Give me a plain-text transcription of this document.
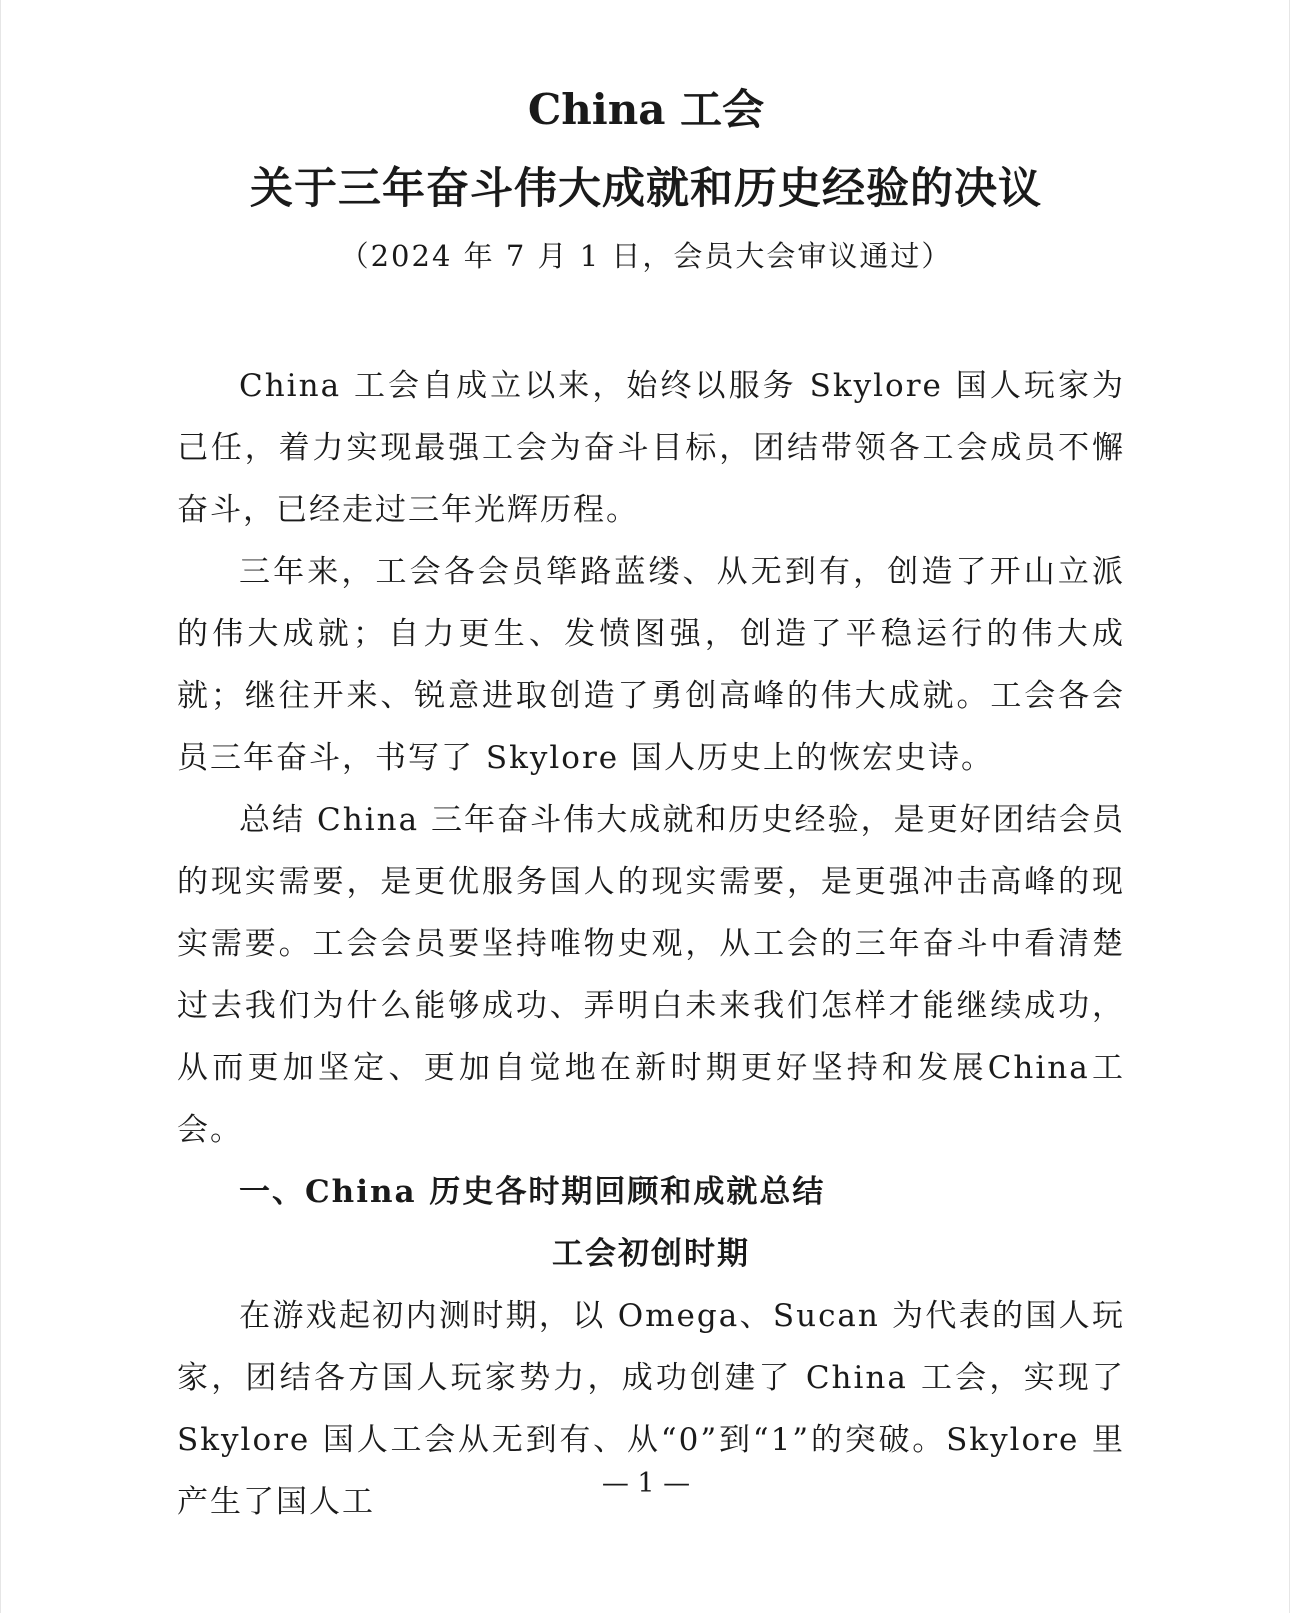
China 工会
关于三年奋斗伟大成就和历史经验的决议
（2024 年 7 月 1 日，会员大会审议通过）

China 工会自成立以来，始终以服务 Skylore 国人玩家为己任，着力实现最强工会为奋斗目标，团结带领各工会成员不懈奋斗，已经走过三年光辉历程。

三年来，工会各会员筚路蓝缕、从无到有，创造了开山立派的伟大成就；自力更生、发愤图强，创造了平稳运行的伟大成就；继往开来、锐意进取创造了勇创高峰的伟大成就。工会各会员三年奋斗，书写了 Skylore 国人历史上的恢宏史诗。

总结 China 三年奋斗伟大成就和历史经验，是更好团结会员的现实需要，是更优服务国人的现实需要，是更强冲击高峰的现实需要。工会会员要坚持唯物史观，从工会的三年奋斗中看清楚过去我们为什么能够成功、弄明白未来我们怎样才能继续成功，从而更加坚定、更加自觉地在新时期更好坚持和发展China工会。

一、China 历史各时期回顾和成就总结
工会初创时期

在游戏起初内测时期，以 Omega、Sucan 为代表的国人玩家，团结各方国人玩家势力，成功创建了 China 工会，实现了 Skylore 国人工会从无到有、从“0”到“1”的突破。Skylore 里产生了国人工

— 1 —
